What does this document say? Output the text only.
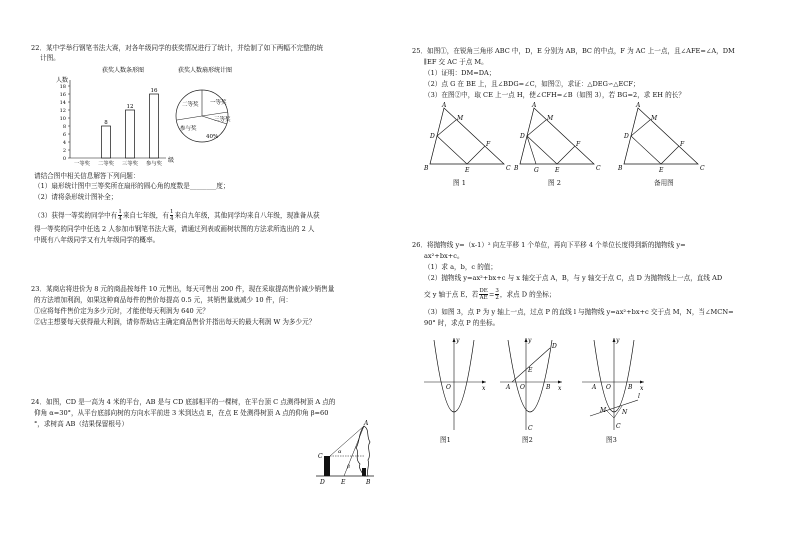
22．某中学举行钢笔书法大赛，对各年级同学的获奖情况进行了统计，并绘制了如下两幅不完整的统
计图。
获奖人数条形图
人数
级
0
2
4
6
8
10
12
14
16
18
一等奖
8
二等奖
12
三等奖
16
参与奖
获奖人数扇形统计图
二等奖 一等奖
三等奖
参与奖
40%
请结合图中相关信息解答下列问题：
（1）扇形统计图中三等奖所在扇形的圆心角的度数是________度；
（2）请将条形统计图补全；
（3）获得一等奖的同学中有 $\frac{1}{4}$ 来自七年级，有 $\frac{1}{4}$ 来自九年级，其他同学均来自八年级，现准备从获
得一等奖的同学中任选 2 人参加市钢笔书法大赛，请通过列表或画树状图的方法求所选出的 2 人
中既有八年级同学又有九年级同学的概率。
23．某商店将进价为 8 元的商品按每件 10 元售出，每天可售出 200 件，现在采取提高售价减少销售量
的方法增加利润，如果这种商品每件的售价每提高 0.5 元，其销售量就减少 10 件，问：
①应将每件售价定为多少元时，才能使每天利润为 640 元？
②店主想要每天获得最大利润，请你帮助店主确定商品售价并指出每天的最大利润 W 为多少元？
24．如图，CD 是一高为 4 米的平台，AB 是与 CD 底部相平的一棵树，在平台顶 C 点测得树顶 A 点的
仰角 α=30°，从平台底部向树的方向水平前进 3 米到达点 E，在点 E 处测得树顶 A 点的仰角 β=60
°，求树高 AB（结果保留根号）	A
C
α
β
D	E	B
25．如图①，在锐角三角形 ABC 中，D，E 分别为 AB，BC 的中点，F 为 AC 上一点，且∠AFE=∠A，DM
∥EF 交 AC 于点 M。
（1）证明：DM=DA；
（2）点 G 在 BE 上，且∠BDG=∠C，如图②，求证：△DEG∽△ECF；
（3）在图②中，取 CE 上一点 H，使∠CFH=∠B（如图 3），若 BG=2，求 EH 的长？
A
M
D
F
B	E	C
图 1
A
M
D
F
B	G	E	C
图 2
A
M
D
F
B	E	C
备用图
26．将抛物线 y=（x-1）² 向左平移 1 个单位，再向下平移 4 个单位长度得到新的抛物线 y=
ax²+bx+c。
（1）求 a，b，c 的值；
（2）抛物线 y=ax²+bx+c 与 x 轴交于点 A，B，与 y 轴交于点 C，点 D 为抛物线上一点，直线 AD
交 y 轴于点 E，若 $\frac{DE}{AE} = \frac{3}{2}$ ，求点 D 的坐标；
（3）如图 3，点 P 为 y 轴上一点，过点 P 的直线 l 与抛物线 y=ax²+bx+c 交于点 M，N，当∠MCN=
90° 时，求点 P 的坐标。
y
x
O
图1
y
x
A O	B
C
D
E
图2
y
x
A O	B
M	N
C
l
图3
